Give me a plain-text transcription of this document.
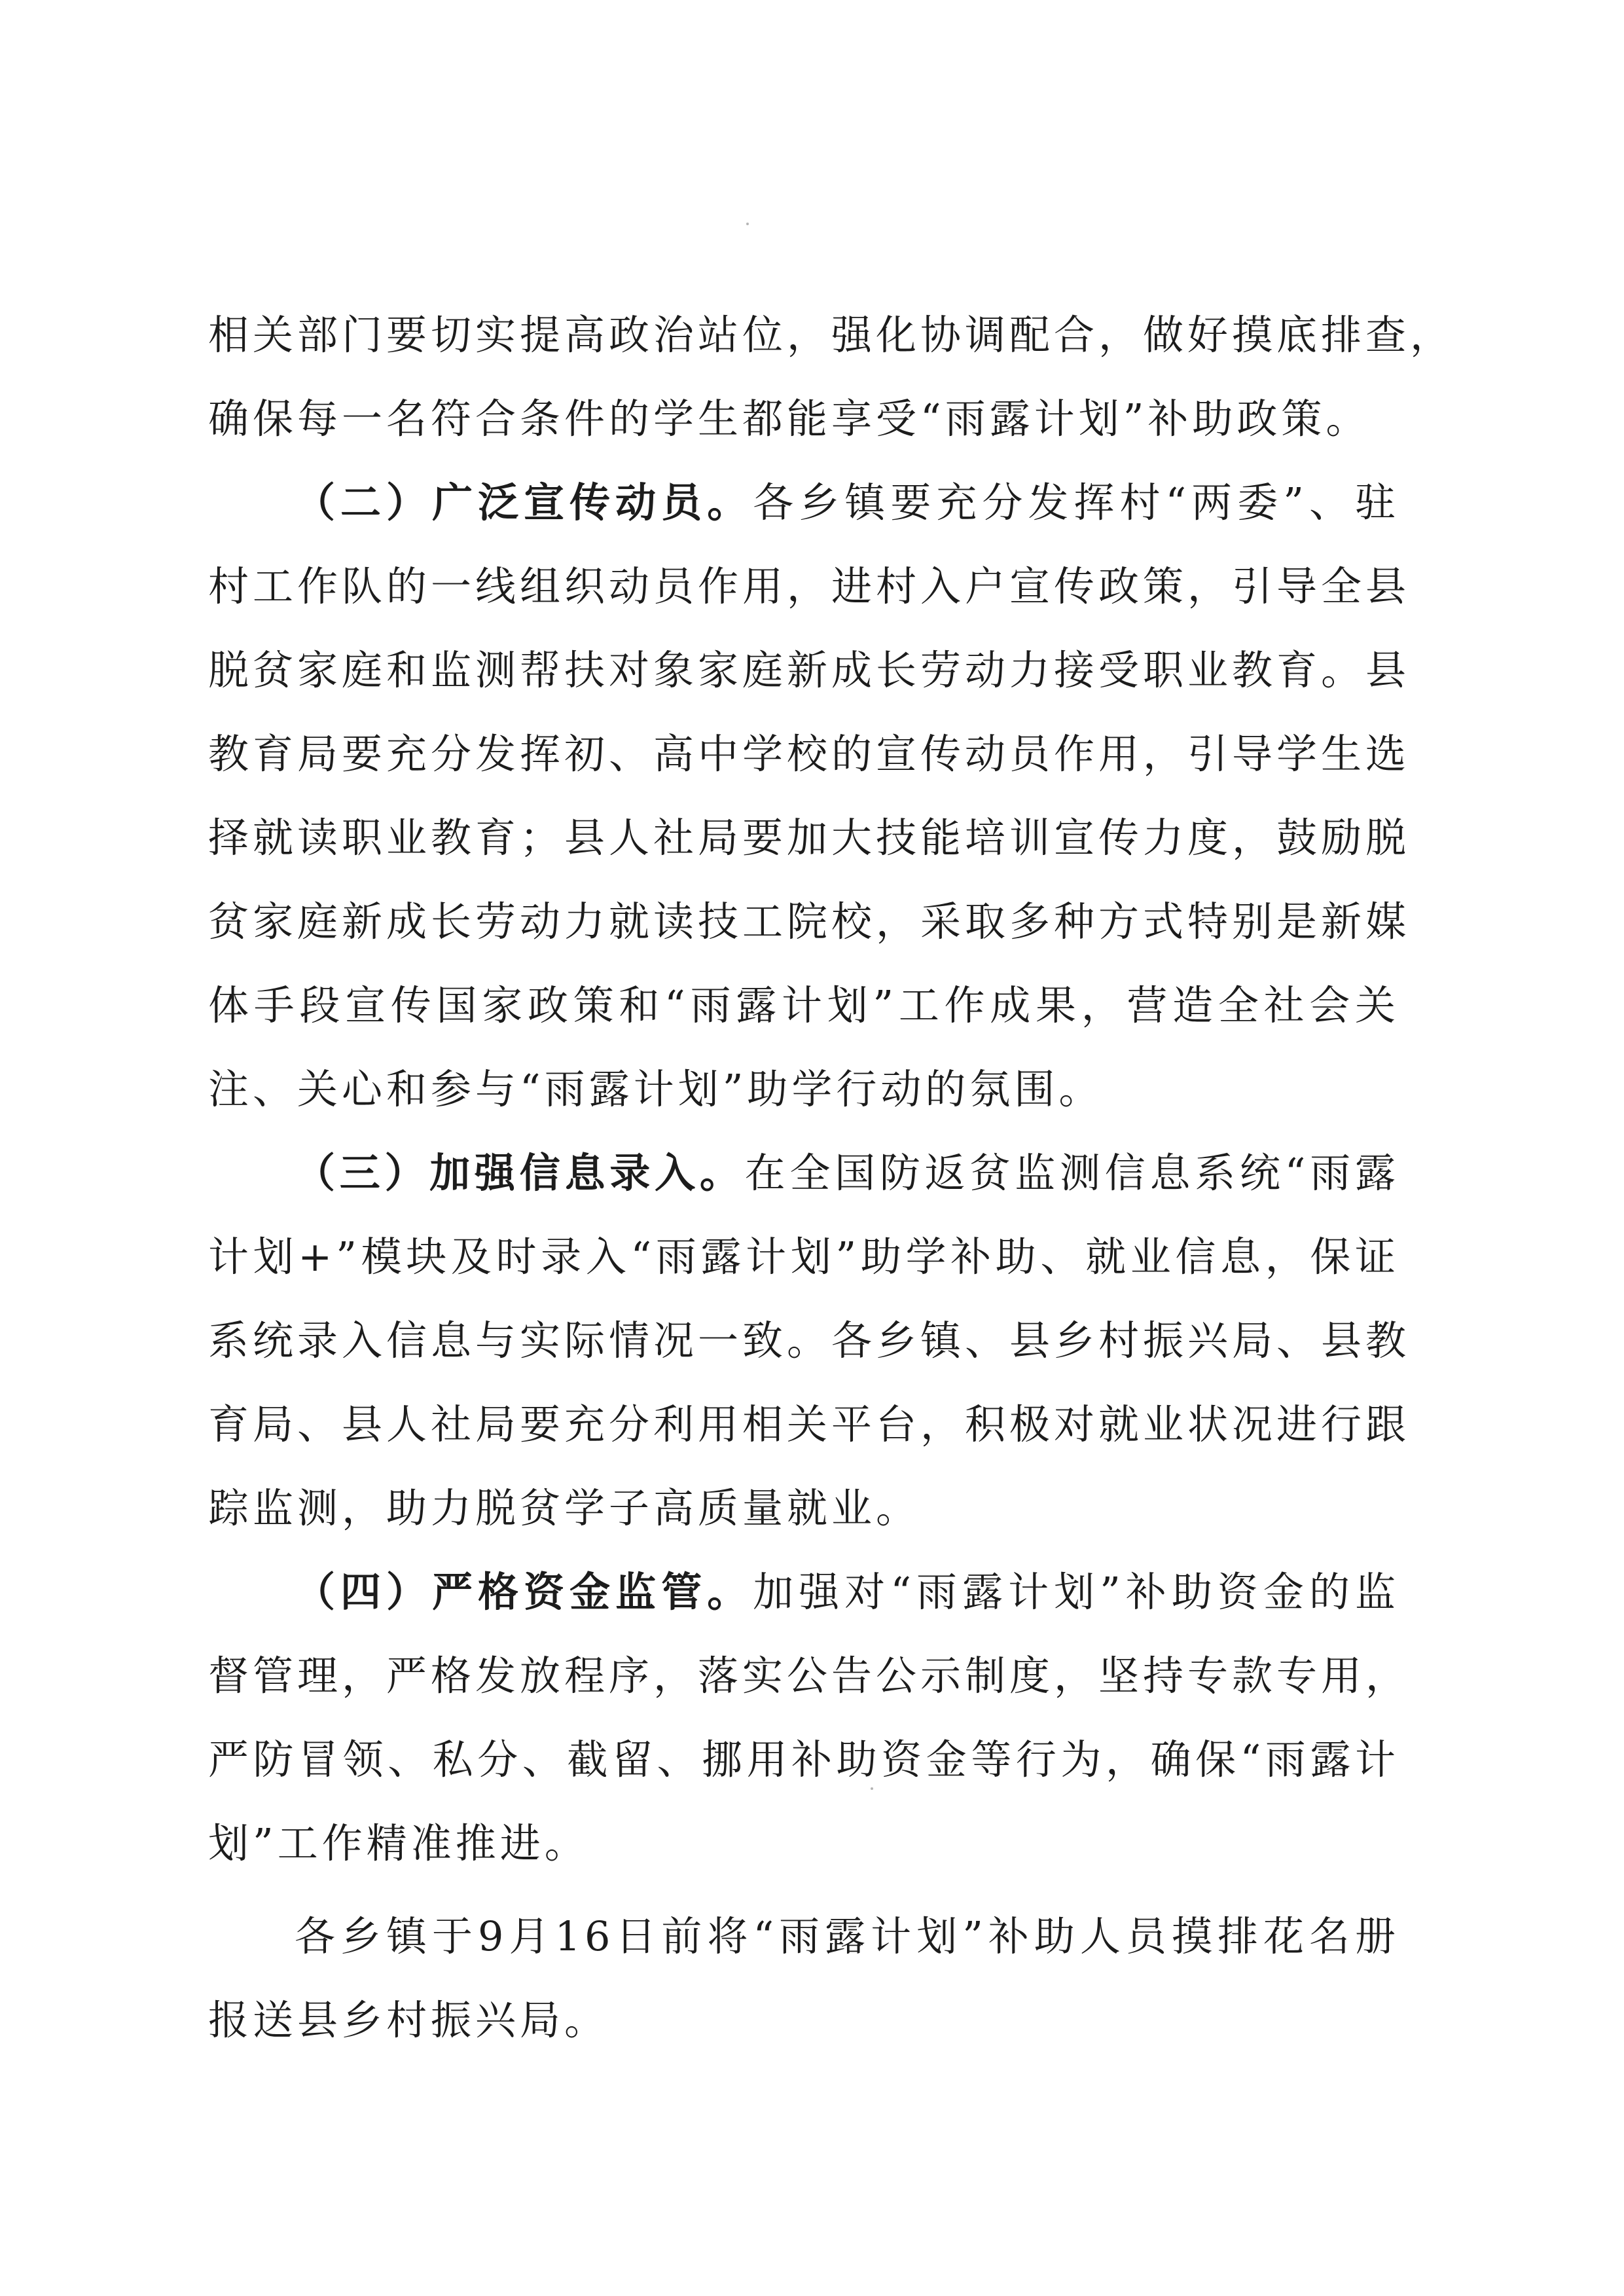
相关部门要切实提高政治站位，强化协调配合，做好摸底排查，
确保每一名符合条件的学生都能享受“雨露计划”补助政策。
（二）广泛宣传动员。各乡镇要充分发挥村“两委”、驻
村工作队的一线组织动员作用，进村入户宣传政策，引导全县
脱贫家庭和监测帮扶对象家庭新成长劳动力接受职业教育。县
教育局要充分发挥初、高中学校的宣传动员作用，引导学生选
择就读职业教育；县人社局要加大技能培训宣传力度，鼓励脱
贫家庭新成长劳动力就读技工院校，采取多种方式特别是新媒
体手段宣传国家政策和“雨露计划”工作成果，营造全社会关
注、关心和参与“雨露计划”助学行动的氛围。
（三）加强信息录入。在全国防返贫监测信息系统“雨露
计划+”模块及时录入“雨露计划”助学补助、就业信息，保证
系统录入信息与实际情况一致。各乡镇、县乡村振兴局、县教
育局、县人社局要充分利用相关平台，积极对就业状况进行跟
踪监测，助力脱贫学子高质量就业。
（四）严格资金监管。加强对“雨露计划”补助资金的监
督管理，严格发放程序，落实公告公示制度，坚持专款专用，
严防冒领、私分、截留、挪用补助资金等行为，确保“雨露计
划”工作精准推进。
各乡镇于9月16日前将“雨露计划”补助人员摸排花名册
报送县乡村振兴局。
